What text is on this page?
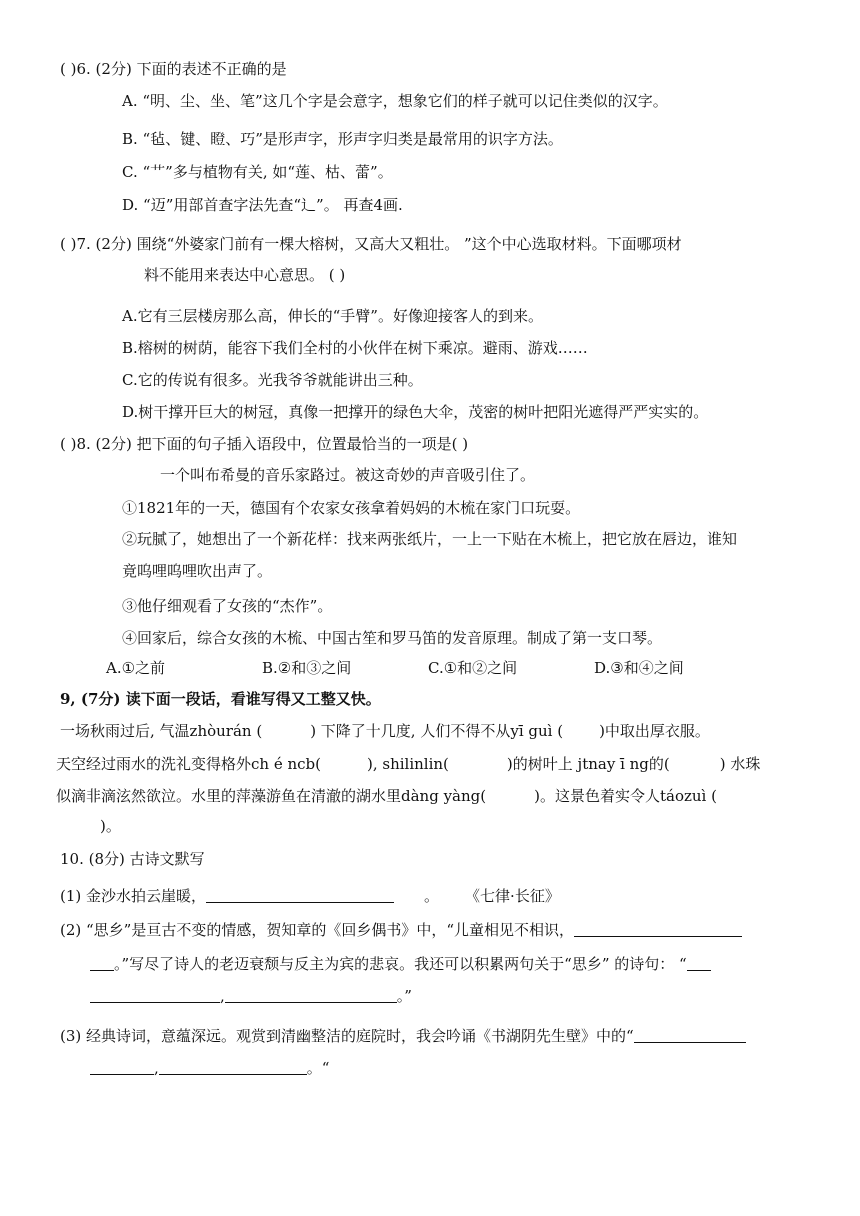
( )6. (2分) 下面的表述不正确的是
A. “明、尘、坐、笔”这几个字是会意字，想象它们的样子就可以记住类似的汉字。
B. “毡、键、瞪、巧”是形声字，形声字归类是最常用的识字方法。
C. “艹”多与植物有关, 如“莲、枯、蕾”。
D. “迈”用部首查字法先查“辶”。 再查4画.
( )7. (2分) 围绕“外婆家门前有一棵大榕树，又高大又粗壮。 ”这个中心选取材料。下面哪项材
料不能用来表达中心意思。 ( )
A.它有三层楼房那么高，伸长的“手臂”。好像迎接客人的到来。
B.榕树的树荫，能容下我们全村的小伙伴在树下乘凉。避雨、游戏……
C.它的传说有很多。光我爷爷就能讲出三种。
D.树干撑开巨大的树冠，真像一把撑开的绿色大伞，茂密的树叶把阳光遮得严严实实的。
( )8. (2分) 把下面的句子插入语段中，位置最恰当的一项是( )
一个叫布希曼的音乐家路过。被这奇妙的声音吸引住了。
①1821年的一天，德国有个农家女孩拿着妈妈的木梳在家门口玩耍。
②玩腻了，她想出了一个新花样：找来两张纸片，一上一下贴在木梳上，把它放在唇边，谁知
竟呜哩呜哩吹出声了。
③他仔细观看了女孩的“杰作”。
④回家后，综合女孩的木梳、中国古笙和罗马笛的发音原理。制成了第一支口琴。
A.①之前	B.②和③之间	C.①和②之间	D.③和④之间
9, (7分) 读下面一段话，看谁写得又工整又快。
一场秋雨过后, 气温zhòurán (	) 下降了十几度, 人们不得不从yī guì ( )中取出厚衣服。
天空经过雨水的洗礼变得格外ch é ncb(	), shilinlin(	)的树叶上 jtnay ī ng的(	) 水珠
似滴非滴泫然欲泣。水里的萍藻游鱼在清澈的湖水里dàng yàng(	)。这景色着实令人táozuì (
)。
10. (8分) 古诗文默写
(1) 金沙水拍云崖暖，	。 《七律·长征》
(2) “思乡”是亘古不变的情感，贺知章的《回乡偶书》中，“儿童相见不相识，
。”写尽了诗人的老迈衰颓与反主为宾的悲哀。我还可以积累两句关于“思乡” 的诗句： “
,	。”
(3) 经典诗词，意蕴深远。观赏到清幽整洁的庭院时，我会吟诵《书湖阴先生壁》中的“
,	。“
